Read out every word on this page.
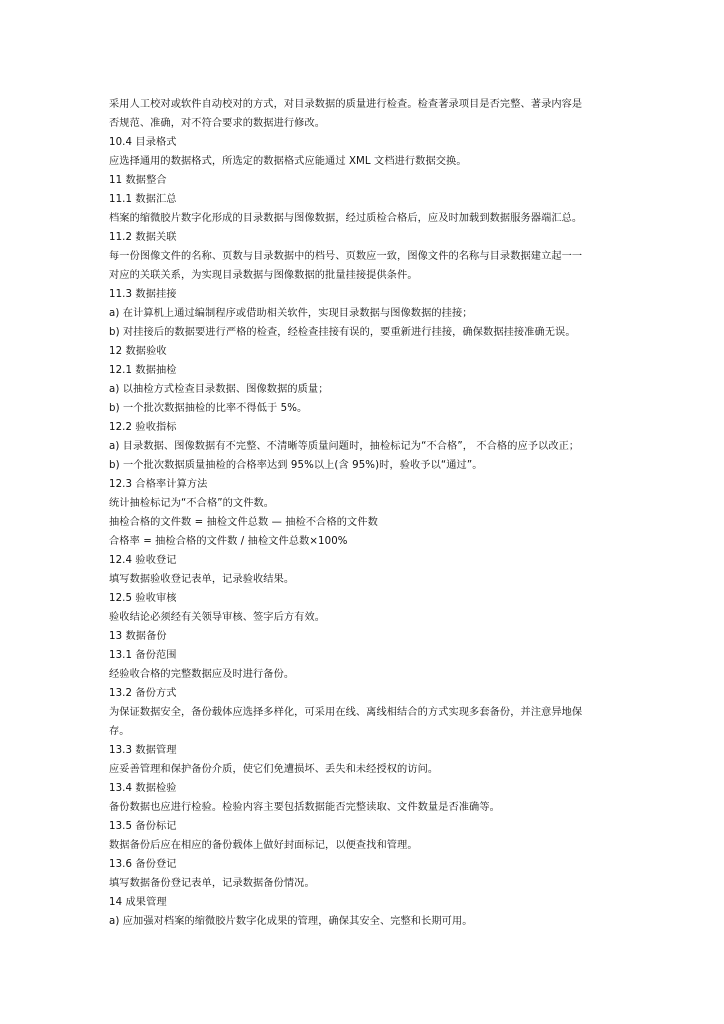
采用人工校对或软件自动校对的方式，对目录数据的质量进行检查。检查著录项目是否完整、著录内容是
否规范、准确，对不符合要求的数据进行修改。
10.4 目录格式
应选择通用的数据格式，所选定的数据格式应能通过 XML 文档进行数据交换。
11 数据整合
11.1 数据汇总
档案的缩微胶片数字化形成的目录数据与图像数据，经过质检合格后，应及时加载到数据服务器端汇总。
11.2 数据关联
每一份图像文件的名称、页数与目录数据中的档号、页数应一致，图像文件的名称与目录数据建立起一一
对应的关联关系，为实现目录数据与图像数据的批量挂接提供条件。
11.3 数据挂接
a) 在计算机上通过编制程序或借助相关软件，实现目录数据与图像数据的挂接；
b) 对挂接后的数据要进行严格的检查，经检查挂接有误的，要重新进行挂接，确保数据挂接准确无误。
12 数据验收
12.1 数据抽检
a) 以抽检方式检查目录数据、图像数据的质量；
b) 一个批次数据抽检的比率不得低于 5%。
12.2 验收指标
a) 目录数据、图像数据有不完整、不清晰等质量问题时，抽检标记为“不合格”， 不合格的应予以改正；
b) 一个批次数据质量抽检的合格率达到 95%以上(含 95%)时，验收予以“通过”。
12.3 合格率计算方法
统计抽检标记为“不合格”的文件数。
抽检合格的文件数 = 抽检文件总数 — 抽检不合格的文件数
合格率 = 抽检合格的文件数 / 抽检文件总数×100%
12.4 验收登记
填写数据验收登记表单，记录验收结果。
12.5 验收审核
验收结论必须经有关领导审核、签字后方有效。
13 数据备份
13.1 备份范围
经验收合格的完整数据应及时进行备份。
13.2 备份方式
为保证数据安全，备份载体应选择多样化，可采用在线、离线相结合的方式实现多套备份，并注意异地保
存。
13.3 数据管理
应妥善管理和保护备份介质，使它们免遭损坏、丢失和未经授权的访问。
13.4 数据检验
备份数据也应进行检验。检验内容主要包括数据能否完整读取、文件数量是否准确等。
13.5 备份标记
数据备份后应在相应的备份载体上做好封面标记，以便查找和管理。
13.6 备份登记
填写数据备份登记表单，记录数据备份情况。
14 成果管理
a) 应加强对档案的缩微胶片数字化成果的管理，确保其安全、完整和长期可用。
